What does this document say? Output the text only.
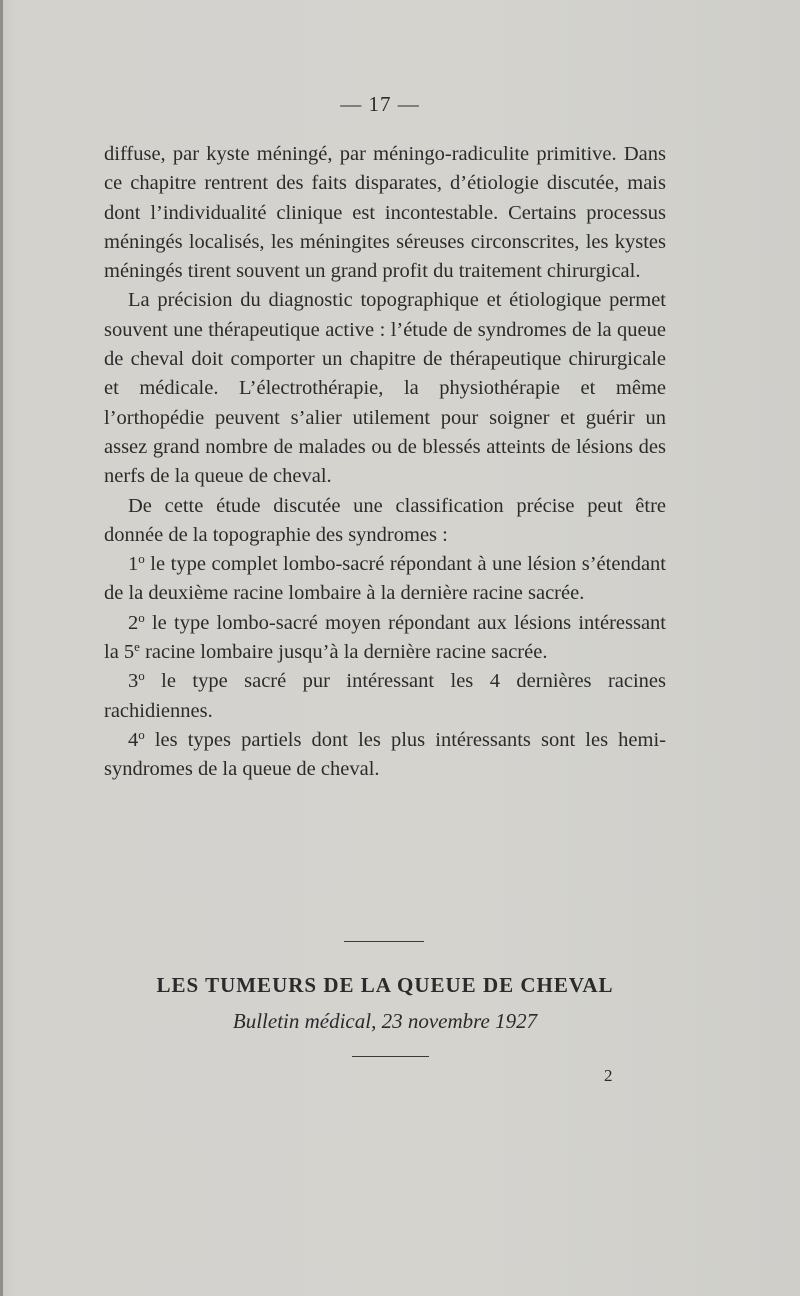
— 17 —

diffuse, par kyste méningé, par méningo-radiculite primitive. Dans ce chapitre rentrent des faits disparates, d’étiologie discutée, mais dont l’individualité clinique est incontestable. Certains processus méningés localisés, les méningites séreuses circonscrites, les kystes méningés tirent souvent un grand profit du traitement chirurgical.

La précision du diagnostic topographique et étiologique permet souvent une thérapeutique active : l’étude de syndromes de la queue de cheval doit comporter un chapitre de thérapeutique chirurgicale et médicale. L’électrothérapie, la physiothérapie et même l’orthopédie peuvent s’alier utilement pour soigner et guérir un assez grand nombre de malades ou de blessés atteints de lésions des nerfs de la queue de cheval.

De cette étude discutée une classification précise peut être donnée de la topographie des syndromes :

1$^o$ le type complet lombo-sacré répondant à une lésion s’étendant de la deuxième racine lombaire à la dernière racine sacrée.

2$^o$ le type lombo-sacré moyen répondant aux lésions intéressant la 5e racine lombaire jusqu’à la dernière racine sacrée.

3$^o$ le type sacré pur intéressant les 4 dernières racines rachidiennes.

4$^o$ les types partiels dont les plus intéressants sont les hemi-syndromes de la queue de cheval.

LES TUMEURS DE LA QUEUE DE CHEVAL
Bulletin médical, 23 novembre 1927
2
